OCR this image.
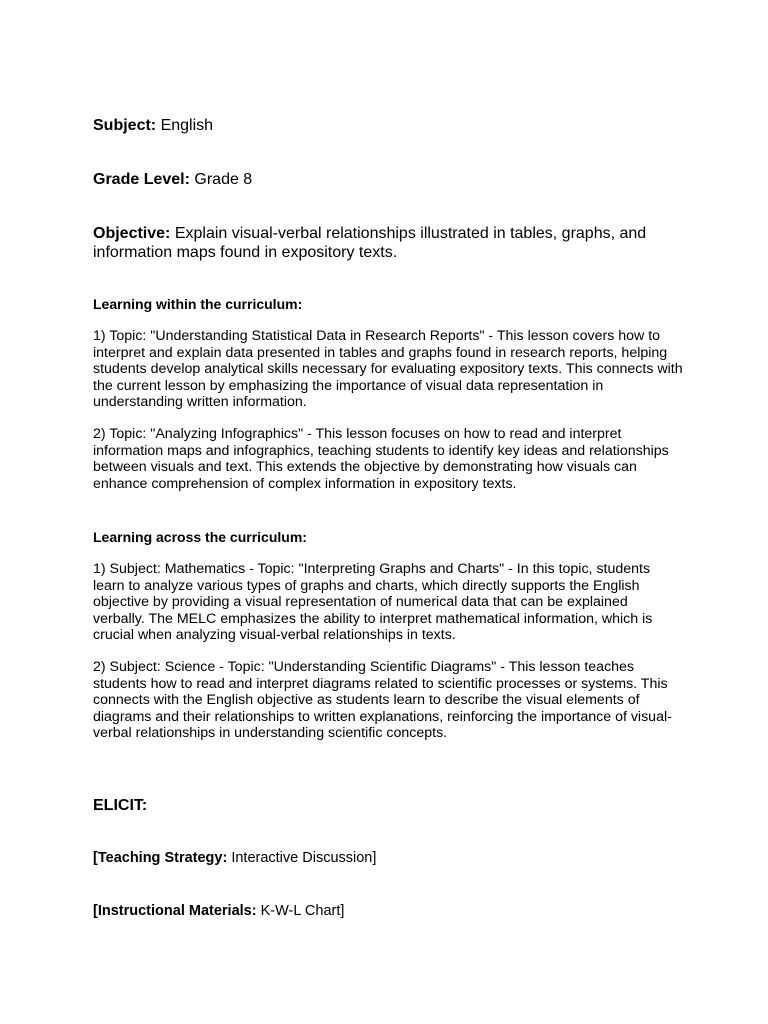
Subject: English
Grade Level: Grade 8
Objective: Explain visual-verbal relationships illustrated in tables, graphs, and information maps found in expository texts.
Learning within the curriculum:
1) Topic: "Understanding Statistical Data in Research Reports" - This lesson covers how to interpret and explain data presented in tables and graphs found in research reports, helping students develop analytical skills necessary for evaluating expository texts. This connects with the current lesson by emphasizing the importance of visual data representation in understanding written information.
2) Topic: "Analyzing Infographics" - This lesson focuses on how to read and interpret information maps and infographics, teaching students to identify key ideas and relationships between visuals and text. This extends the objective by demonstrating how visuals can enhance comprehension of complex information in expository texts.
Learning across the curriculum:
1) Subject: Mathematics - Topic: "Interpreting Graphs and Charts" - In this topic, students learn to analyze various types of graphs and charts, which directly supports the English objective by providing a visual representation of numerical data that can be explained verbally. The MELC emphasizes the ability to interpret mathematical information, which is crucial when analyzing visual-verbal relationships in texts.
2) Subject: Science - Topic: "Understanding Scientific Diagrams" - This lesson teaches students how to read and interpret diagrams related to scientific processes or systems. This connects with the English objective as students learn to describe the visual elements of diagrams and their relationships to written explanations, reinforcing the importance of visual-verbal relationships in understanding scientific concepts.
ELICIT:
[Teaching Strategy: Interactive Discussion]
[Instructional Materials: K-W-L Chart]
